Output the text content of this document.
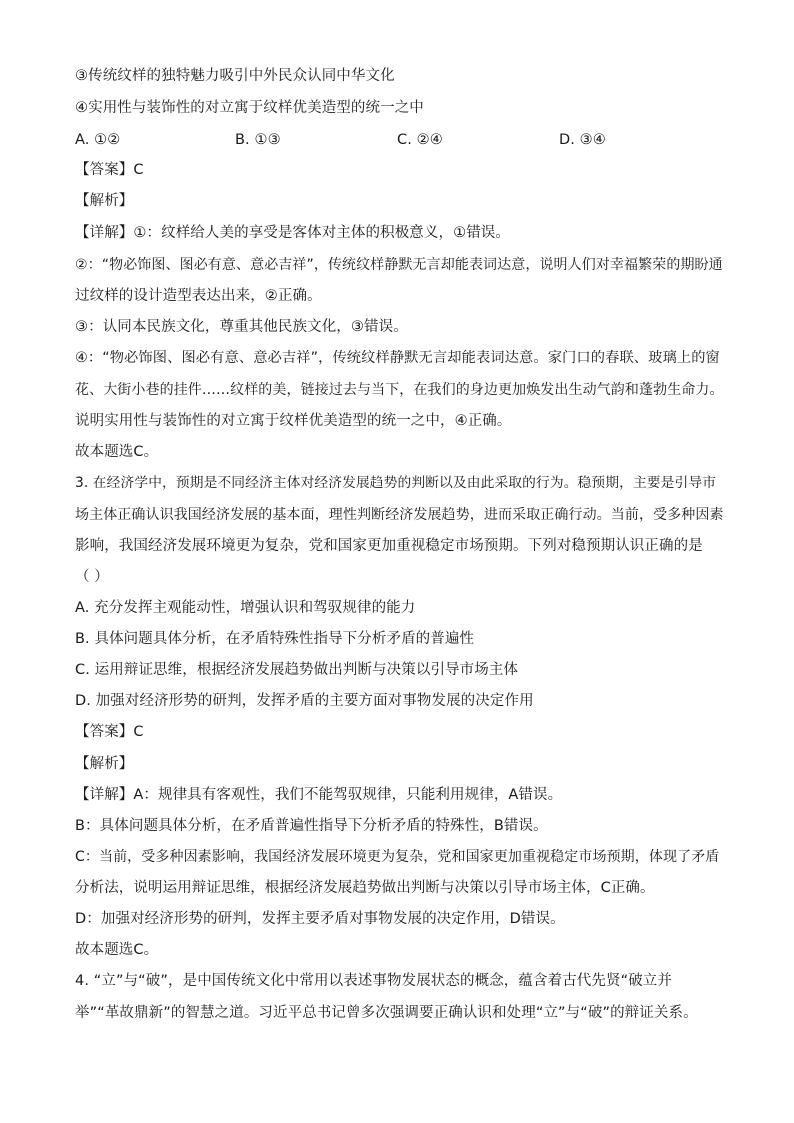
③传统纹样的独特魅力吸引中外民众认同中华文化
④实用性与装饰性的对立寓于纹样优美造型的统一之中
A. ①②	B. ①③	C. ②④	D. ③④
【答案】C
【解析】
【详解】①：纹样给人美的享受是客体对主体的积极意义，①错误。
②：“物必饰图、图必有意、意必吉祥”，传统纹样静默无言却能表词达意，说明人们对幸福繁荣的期盼通
过纹样的设计造型表达出来，②正确。
③：认同本民族文化，尊重其他民族文化，③错误。
④：“物必饰图、图必有意、意必吉祥”，传统纹样静默无言却能表词达意。家门口的春联、玻璃上的窗
花、大街小巷的挂件……纹样的美，链接过去与当下，在我们的身边更加焕发出生动气韵和蓬勃生命力。
说明实用性与装饰性的对立寓于纹样优美造型的统一之中，④正确。
故本题选C。
3. 在经济学中，预期是不同经济主体对经济发展趋势的判断以及由此采取的行为。稳预期，主要是引导市
场主体正确认识我国经济发展的基本面，理性判断经济发展趋势，进而采取正确行动。当前，受多种因素
影响，我国经济发展环境更为复杂，党和国家更加重视稳定市场预期。下列对稳预期认识正确的是
（ ）
A. 充分发挥主观能动性，增强认识和驾驭规律的能力
B. 具体问题具体分析，在矛盾特殊性指导下分析矛盾的普遍性
C. 运用辩证思维，根据经济发展趋势做出判断与决策以引导市场主体
D. 加强对经济形势的研判，发挥矛盾的主要方面对事物发展的决定作用
【答案】C
【解析】
【详解】A：规律具有客观性，我们不能驾驭规律，只能利用规律，A错误。
B：具体问题具体分析，在矛盾普遍性指导下分析矛盾的特殊性，B错误。
C：当前，受多种因素影响，我国经济发展环境更为复杂，党和国家更加重视稳定市场预期，体现了矛盾
分析法，说明运用辩证思维，根据经济发展趋势做出判断与决策以引导市场主体，C正确。
D：加强对经济形势的研判，发挥主要矛盾对事物发展的决定作用，D错误。
故本题选C。
4. “立”与“破”，是中国传统文化中常用以表述事物发展状态的概念，蕴含着古代先贤“破立并
举”“革故鼎新”的智慧之道。习近平总书记曾多次强调要正确认识和处理“立”与“破”的辩证关系。
